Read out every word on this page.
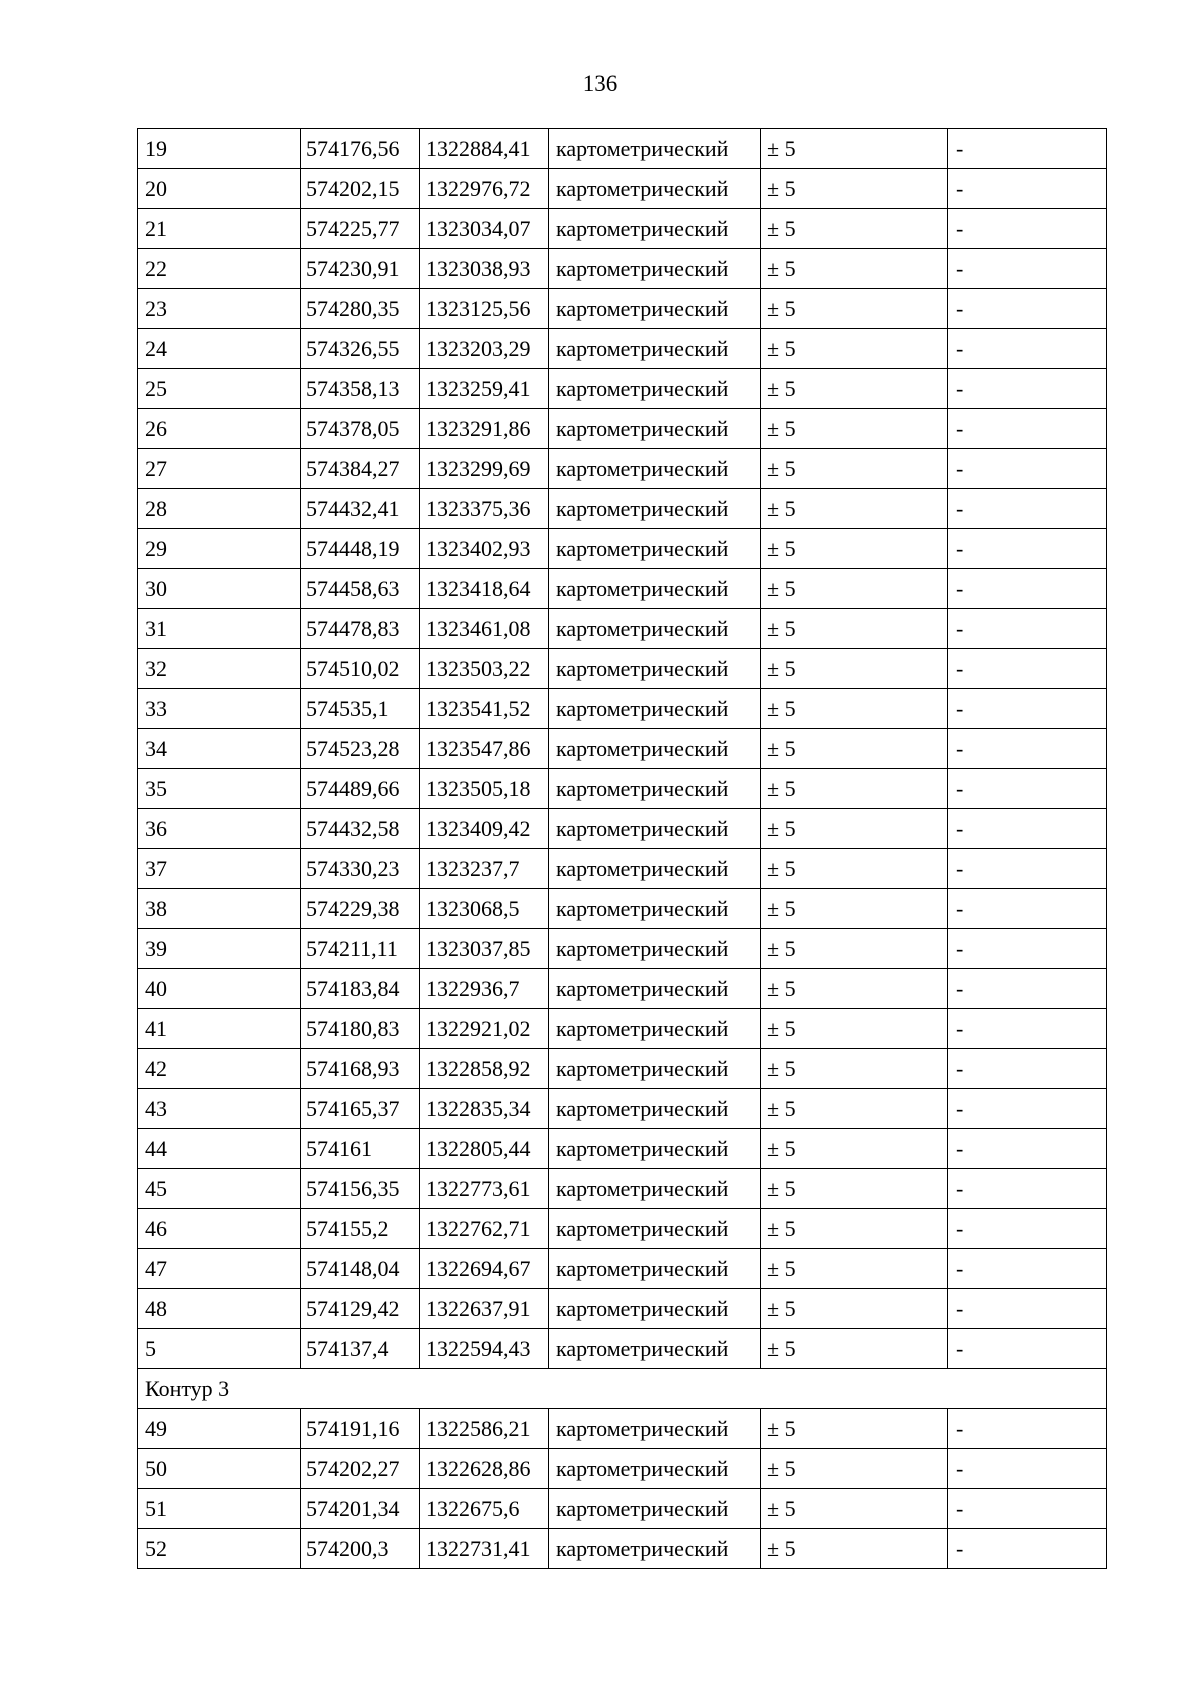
136
19	574176,56	1322884,41	картометрический	± 5	-
20	574202,15	1322976,72	картометрический	± 5	-
21	574225,77	1323034,07	картометрический	± 5	-
22	574230,91	1323038,93	картометрический	± 5	-
23	574280,35	1323125,56	картометрический	± 5	-
24	574326,55	1323203,29	картометрический	± 5	-
25	574358,13	1323259,41	картометрический	± 5	-
26	574378,05	1323291,86	картометрический	± 5	-
27	574384,27	1323299,69	картометрический	± 5	-
28	574432,41	1323375,36	картометрический	± 5	-
29	574448,19	1323402,93	картометрический	± 5	-
30	574458,63	1323418,64	картометрический	± 5	-
31	574478,83	1323461,08	картометрический	± 5	-
32	574510,02	1323503,22	картометрический	± 5	-
33	574535,1	1323541,52	картометрический	± 5	-
34	574523,28	1323547,86	картометрический	± 5	-
35	574489,66	1323505,18	картометрический	± 5	-
36	574432,58	1323409,42	картометрический	± 5	-
37	574330,23	1323237,7	картометрический	± 5	-
38	574229,38	1323068,5	картометрический	± 5	-
39	574211,11	1323037,85	картометрический	± 5	-
40	574183,84	1322936,7	картометрический	± 5	-
41	574180,83	1322921,02	картометрический	± 5	-
42	574168,93	1322858,92	картометрический	± 5	-
43	574165,37	1322835,34	картометрический	± 5	-
44	574161	1322805,44	картометрический	± 5	-
45	574156,35	1322773,61	картометрический	± 5	-
46	574155,2	1322762,71	картометрический	± 5	-
47	574148,04	1322694,67	картометрический	± 5	-
48	574129,42	1322637,91	картометрический	± 5	-
5	574137,4	1322594,43	картометрический	± 5	-
Контур 3					
49	574191,16	1322586,21	картометрический	± 5	-
50	574202,27	1322628,86	картометрический	± 5	-
51	574201,34	1322675,6	картометрический	± 5	-
52	574200,3	1322731,41	картометрический	± 5	-
